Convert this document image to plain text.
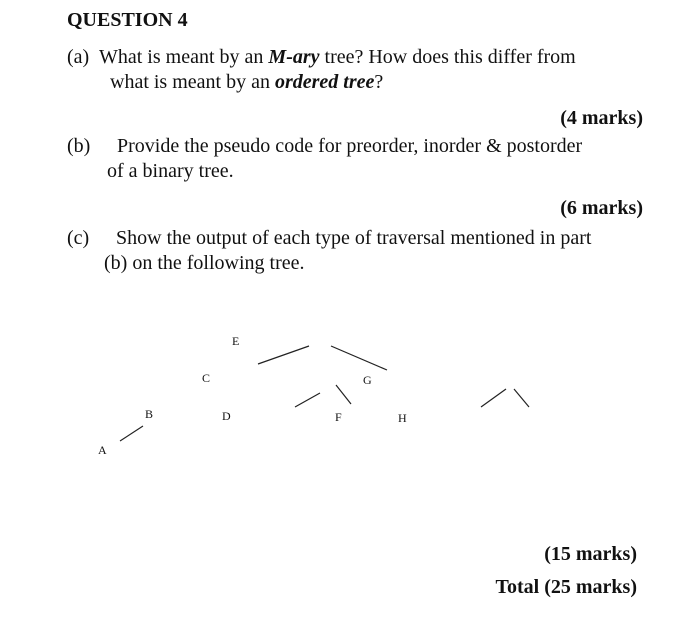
QUESTION 4
(a) What is meant by an M-ary tree? How does this differ from
what is meant by an ordered tree?
(4 marks)
(b) Provide the pseudo code for preorder, inorder & postorder
of a binary tree.
(6 marks)
(c) Show the output of each type of traversal mentioned in part
(b) on the following tree.
E
C	G
B	D	F	H
A
(15 marks)
Total (25 marks)
